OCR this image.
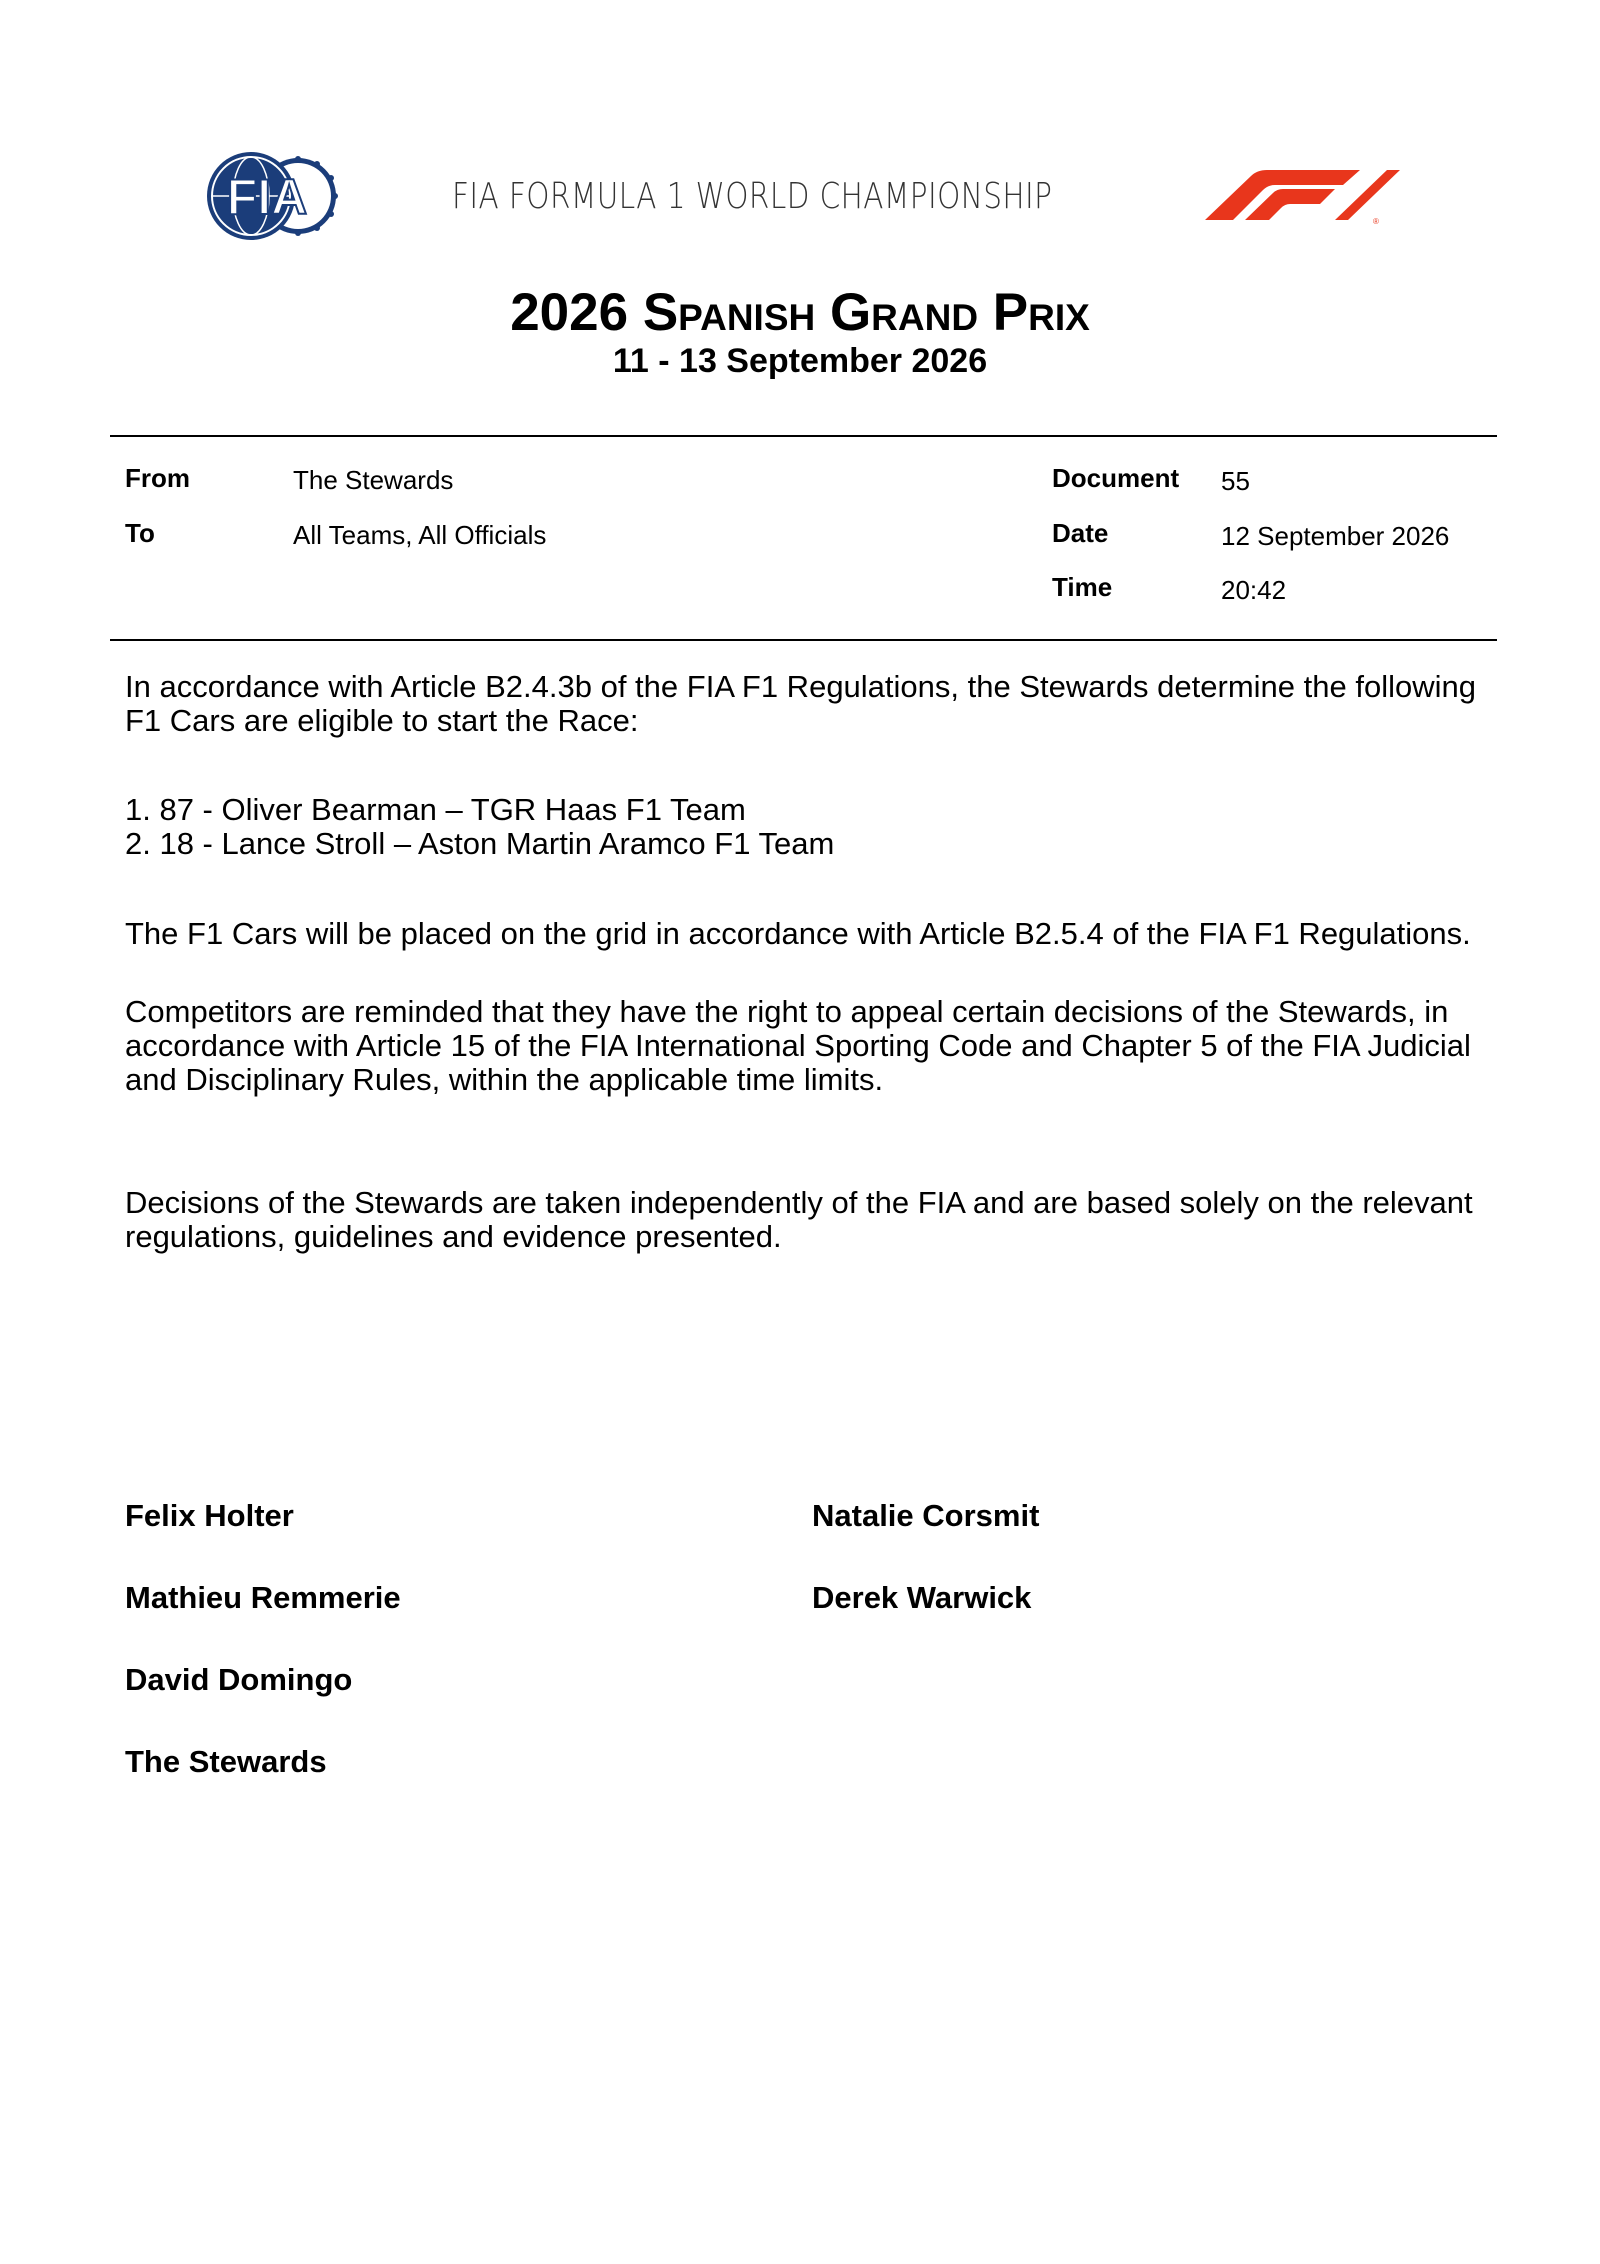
FIA	FIA FORMULA 1 WORLD CHAMPIONSHIP
®
2026 Spanish Grand Prix
11 - 13 September 2026
From	The Stewards
To	All Teams, All Officials
Document 55
Date	12 September 2026
Time	20:42
In accordance with Article B2.4.3b of the FIA F1 Regulations, the Stewards determine the following
F1 Cars are eligible to start the Race:
1. 87 - Oliver Bearman – TGR Haas F1 Team
2. 18 - Lance Stroll – Aston Martin Aramco F1 Team
The F1 Cars will be placed on the grid in accordance with Article B2.5.4 of the FIA F1 Regulations.
Competitors are reminded that they have the right to appeal certain decisions of the Stewards, in
accordance with Article 15 of the FIA International Sporting Code and Chapter 5 of the FIA Judicial
and Disciplinary Rules, within the applicable time limits.
Decisions of the Stewards are taken independently of the FIA and are based solely on the relevant
regulations, guidelines and evidence presented.
Felix Holter
Mathieu Remmerie
David Domingo
The Stewards
Natalie Corsmit
Derek Warwick
